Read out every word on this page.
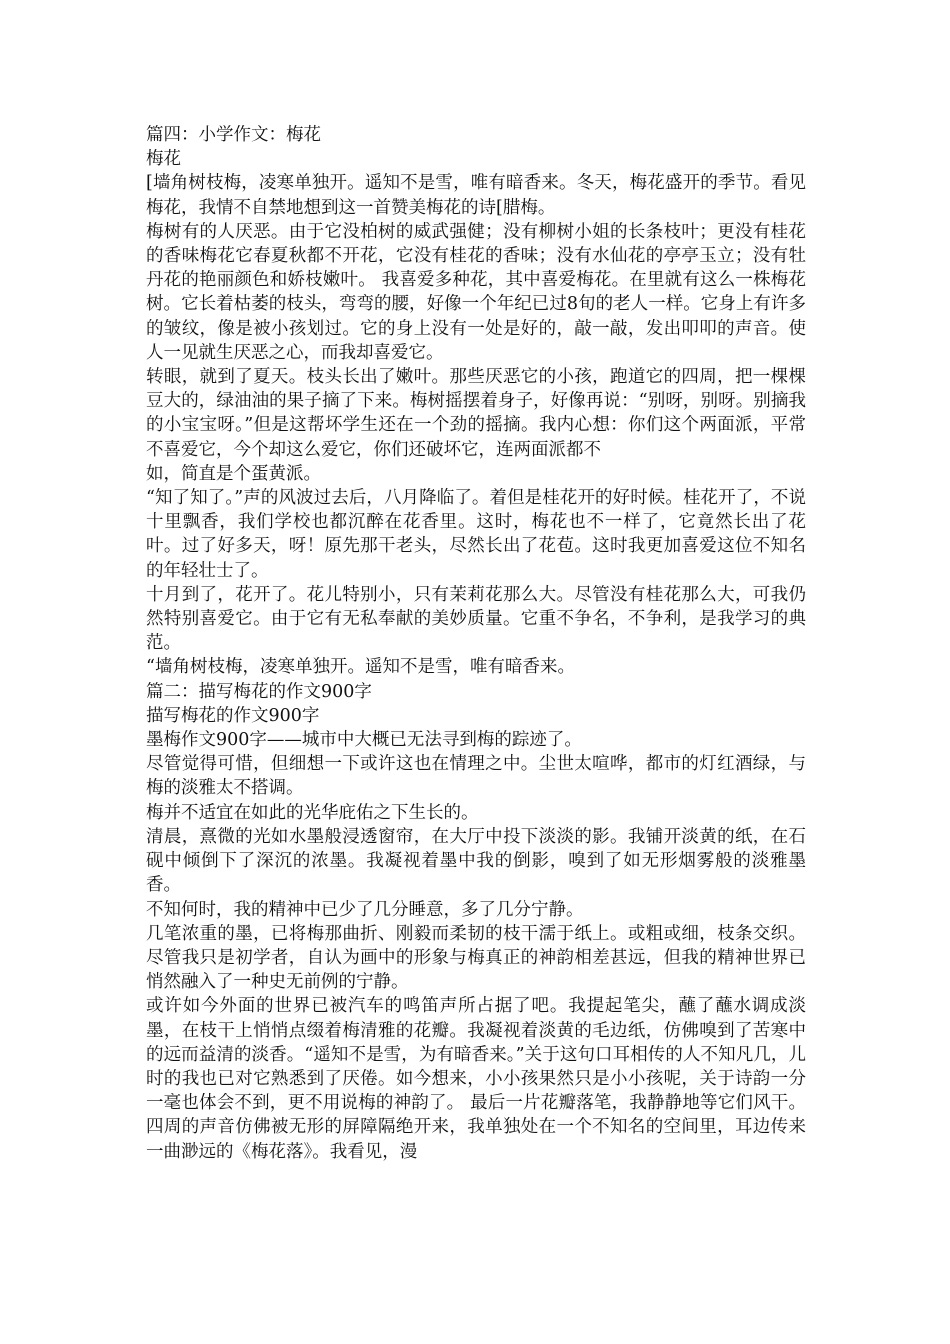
篇四：小学作文：梅花

梅花

[墙角树枝梅，凌寒单独开。遥知不是雪，唯有暗香来。冬天，梅花盛开的季节。看见梅花，我情不自禁地想到这一首赞美梅花的诗[腊梅。

梅树有的人厌恶。由于它没柏树的威武强健；没有柳树小姐的长条枝叶；更没有桂花的香味梅花它春夏秋都不开花，它没有桂花的香味；没有水仙花的亭亭玉立；没有牡丹花的艳丽颜色和娇枝嫩叶。 我喜爱多种花，其中喜爱梅花。在里就有这么一株梅花树。它长着枯萎的枝头，弯弯的腰，好像一个年纪已过8旬的老人一样。它身上有许多的皱纹，像是被小孩划过。它的身上没有一处是好的，敲一敲，发出叩叩的声音。使人一见就生厌恶之心，而我却喜爱它。

转眼，就到了夏天。枝头长出了嫩叶。那些厌恶它的小孩，跑道它的四周，把一棵棵豆大的，绿油油的果子摘了下来。梅树摇摆着身子，好像再说：“别呀，别呀。别摘我的小宝宝呀。”但是这帮坏学生还在一个劲的摇摘。我内心想：你们这个两面派，平常不喜爱它，今个却这么爱它，你们还破坏它，连两面派都不

如，简直是个蛋黄派。

“知了知了。”声的风波过去后，八月降临了。着但是桂花开的好时候。桂花开了，不说十里飘香，我们学校也都沉醉在花香里。这时，梅花也不一样了，它竟然长出了花叶。过了好多天，呀！原先那干老头，尽然长出了花苞。这时我更加喜爱这位不知名的年轻壮士了。

十月到了，花开了。花儿特别小，只有茉莉花那么大。尽管没有桂花那么大，可我仍然特别喜爱它。由于它有无私奉献的美妙质量。它重不争名，不争利，是我学习的典范。

“墙角树枝梅，凌寒单独开。遥知不是雪，唯有暗香来。

篇二：描写梅花的作文900字

描写梅花的作文900字

墨梅作文900字——城市中大概已无法寻到梅的踪迹了。

尽管觉得可惜，但细想一下或许这也在情理之中。尘世太喧哗，都市的灯红酒绿，与梅的淡雅太不搭调。

梅并不适宜在如此的光华庇佑之下生长的。

清晨，熹微的光如水墨般浸透窗帘，在大厅中投下淡淡的影。我铺开淡黄的纸，在石砚中倾倒下了深沉的浓墨。我凝视着墨中我的倒影，嗅到了如无形烟雾般的淡雅墨香。

不知何时，我的精神中已少了几分睡意，多了几分宁静。

几笔浓重的墨，已将梅那曲折、刚毅而柔韧的枝干濡于纸上。或粗或细，枝条交织。尽管我只是初学者，自认为画中的形象与梅真正的神韵相差甚远，但我的精神世界已悄然融入了一种史无前例的宁静。

或许如今外面的世界已被汽车的鸣笛声所占据了吧。我提起笔尖，蘸了蘸水调成淡墨，在枝干上悄悄点缀着梅清雅的花瓣。我凝视着淡黄的毛边纸，仿佛嗅到了苦寒中的远而益清的淡香。“遥知不是雪，为有暗香来。”关于这句口耳相传的人不知凡几，儿时的我也已对它熟悉到了厌倦。如今想来，小小孩果然只是小小孩呢，关于诗韵一分一毫也体会不到，更不用说梅的神韵了。 最后一片花瓣落笔，我静静地等它们风干。四周的声音仿佛被无形的屏障隔绝开来，我单独处在一个不知名的空间里，耳边传来一曲渺远的《梅花落》。我看见，漫
